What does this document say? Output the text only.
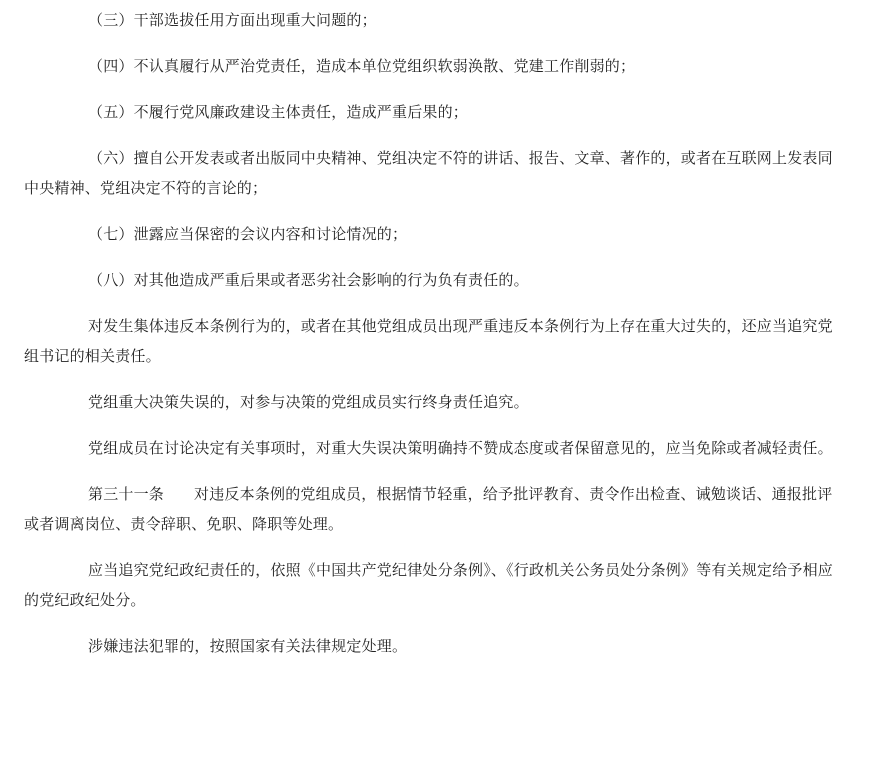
（三）干部选拔任用方面出现重大问题的；

（四）不认真履行从严治党责任，造成本单位党组织软弱涣散、党建工作削弱的；

（五）不履行党风廉政建设主体责任，造成严重后果的；

（六）擅自公开发表或者出版同中央精神、党组决定不符的讲话、报告、文章、著作的，或者在互联网上发表同中央精神、党组决定不符的言论的；

（七）泄露应当保密的会议内容和讨论情况的；

（八）对其他造成严重后果或者恶劣社会影响的行为负有责任的。

对发生集体违反本条例行为的，或者在其他党组成员出现严重违反本条例行为上存在重大过失的，还应当追究党组书记的相关责任。

党组重大决策失误的，对参与决策的党组成员实行终身责任追究。

党组成员在讨论决定有关事项时，对重大失误决策明确持不赞成态度或者保留意见的，应当免除或者减轻责任。

第三十一条 对违反本条例的党组成员，根据情节轻重，给予批评教育、责令作出检查、诫勉谈话、通报批评或者调离岗位、责令辞职、免职、降职等处理。

应当追究党纪政纪责任的，依照《中国共产党纪律处分条例》、《行政机关公务员处分条例》等有关规定给予相应的党纪政纪处分。

涉嫌违法犯罪的，按照国家有关法律规定处理。
